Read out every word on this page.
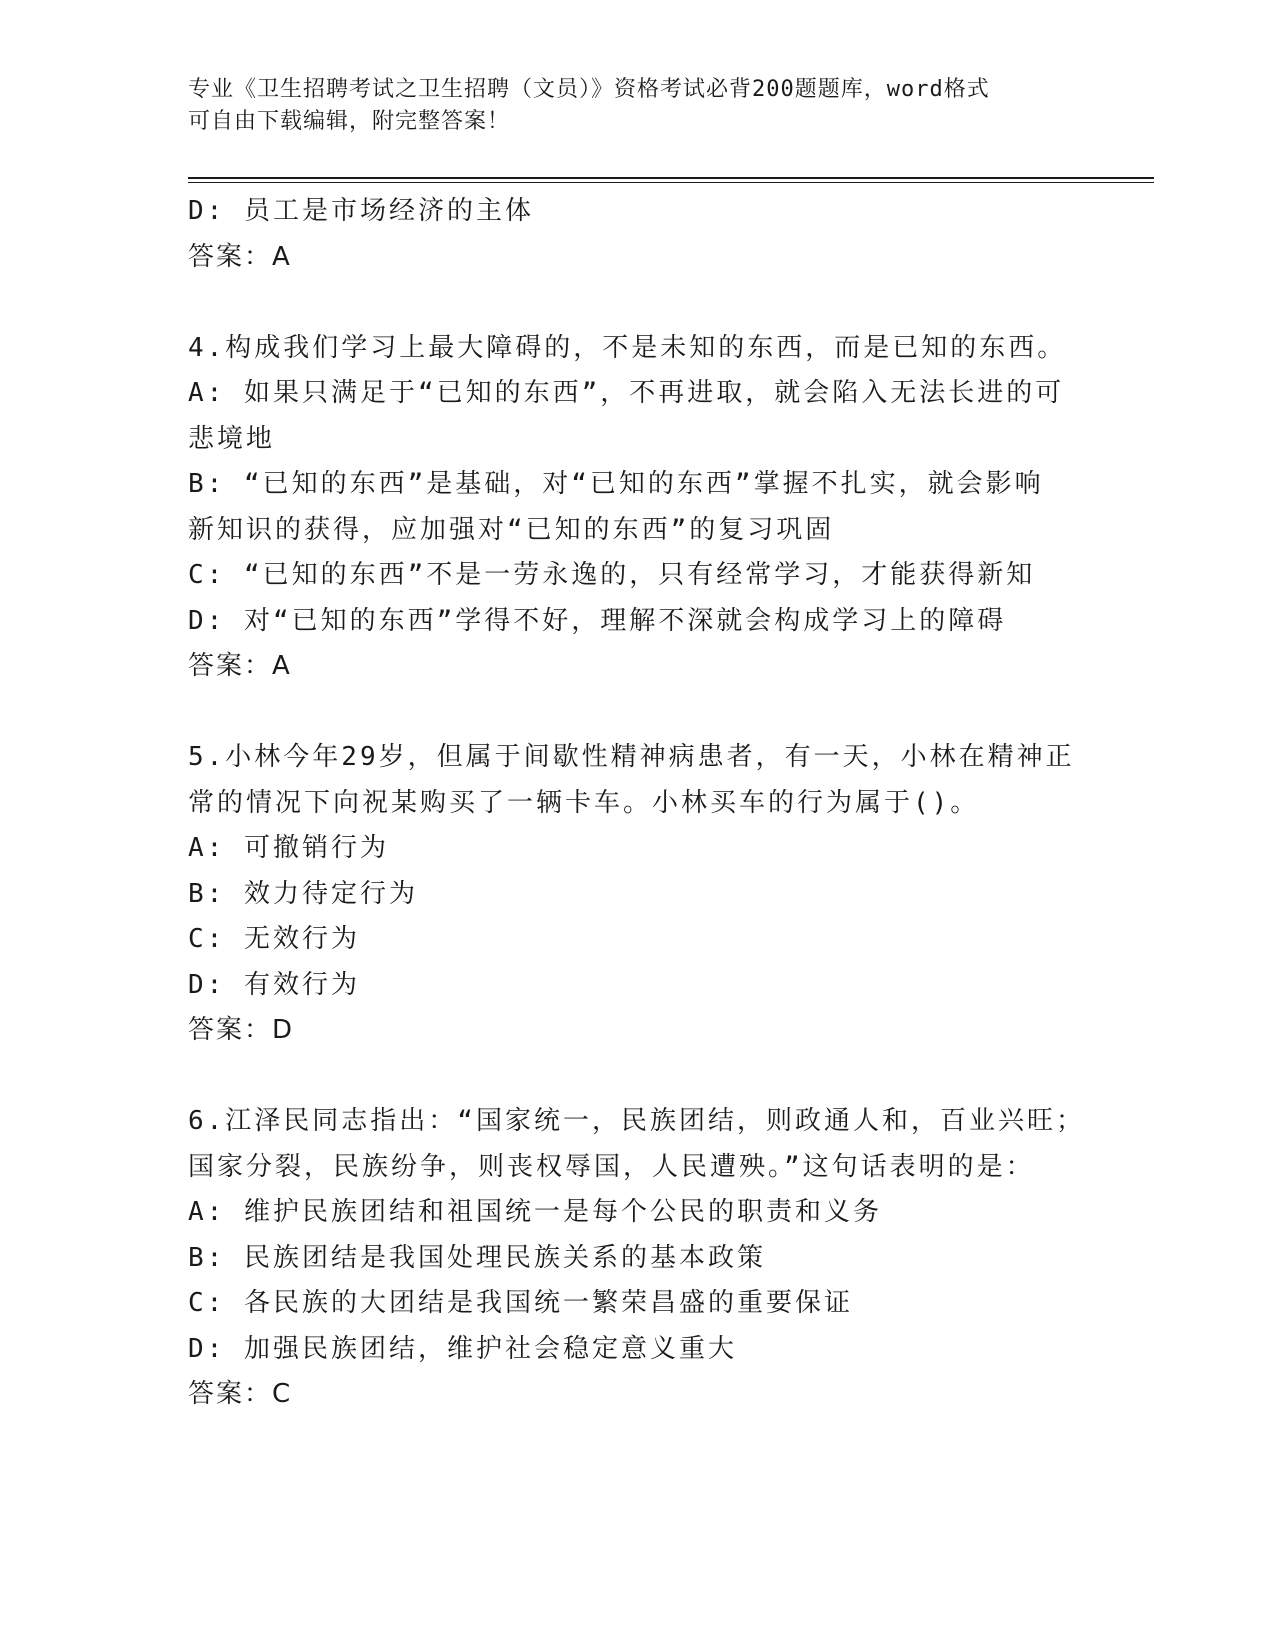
专业《卫生招聘考试之卫生招聘（文员）》资格考试必背200题题库，word格式
可自由下载编辑，附完整答案！
D: 员工是市场经济的主体
答案：A
4.构成我们学习上最大障碍的，不是未知的东西，而是已知的东西。
A: 如果只满足于“已知的东西”，不再进取，就会陷入无法长进的可
悲境地
B: “已知的东西”是基础，对“已知的东西”掌握不扎实，就会影响
新知识的获得，应加强对“已知的东西”的复习巩固
C: “已知的东西”不是一劳永逸的，只有经常学习，才能获得新知
D: 对“已知的东西”学得不好，理解不深就会构成学习上的障碍
答案：A
5.小林今年29岁，但属于间歇性精神病患者，有一天，小林在精神正
常的情况下向祝某购买了一辆卡车。小林买车的行为属于()。
A: 可撤销行为
B: 效力待定行为
C: 无效行为
D: 有效行为
答案：D
6.江泽民同志指出：“国家统一，民族团结，则政通人和，百业兴旺；
国家分裂，民族纷争，则丧权辱国，人民遭殃。”这句话表明的是：
A: 维护民族团结和祖国统一是每个公民的职责和义务
B: 民族团结是我国处理民族关系的基本政策
C: 各民族的大团结是我国统一繁荣昌盛的重要保证
D: 加强民族团结，维护社会稳定意义重大
答案：C
